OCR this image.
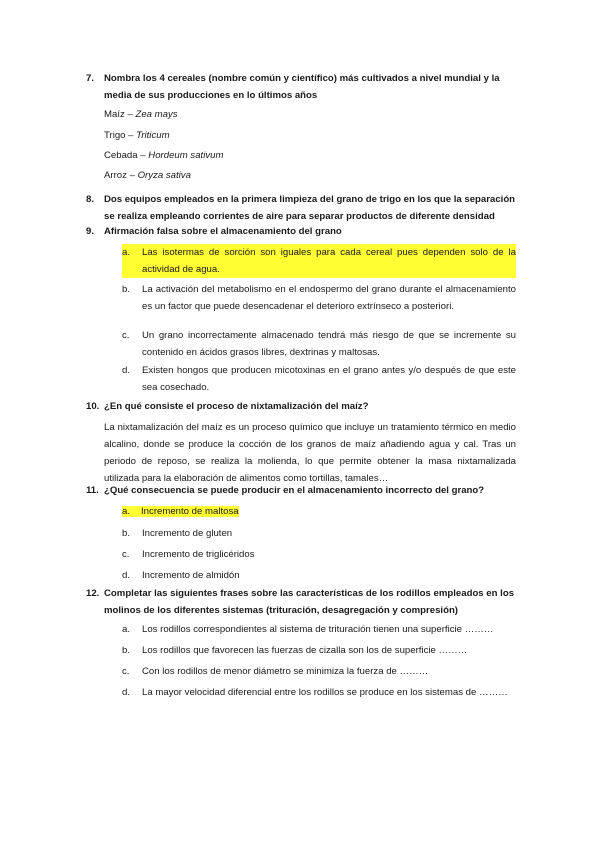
7. Nombra los 4 cereales (nombre común y científico) más cultivados a nivel mundial y la media de sus producciones en lo últimos años
Maíz – Zea mays
Trigo – Triticum
Cebada – Hordeum sativum
Arroz – Oryza sativa
8. Dos equipos empleados en la primera limpieza del grano de trigo en los que la separación se realiza empleando corrientes de aire para separar productos de diferente densidad
9. Afirmación falsa sobre el almacenamiento del grano
a. Las isotermas de sorción son iguales para cada cereal pues dependen solo de la actividad de agua.
b. La activación del metabolismo en el endospermo del grano durante el almacenamiento es un factor que puede desencadenar el deterioro extrínseco a posteriori.
c. Un grano incorrectamente almacenado tendrá más riesgo de que se incremente su contenido en ácidos grasos libres, dextrinas y maltosas.
d. Existen hongos que producen micotoxinas en el grano antes y/o después de que este sea cosechado.
10. ¿En qué consiste el proceso de nixtamalización del maíz?
La nixtamalización del maíz es un proceso químico que incluye un tratamiento térmico en medio alcalino, donde se produce la cocción de los granos de maíz añadiendo agua y cal. Tras un periodo de reposo, se realiza la molienda, lo que permite obtener la masa nixtamalizada utilizada para la elaboración de alimentos como tortillas, tamales…
11. ¿Qué consecuencia se puede producir en el almacenamiento incorrecto del grano?
a. Incremento de maltosa
b. Incremento de gluten
c. Incremento de triglicéridos
d. Incremento de almidón
12. Completar las siguientes frases sobre las características de los rodillos empleados en los molinos de los diferentes sistemas (trituración, desagregación y compresión)
a. Los rodillos correspondientes al sistema de trituración tienen una superficie ………
b. Los rodillos que favorecen las fuerzas de cizalla son los de superficie ………
c. Con los rodillos de menor diámetro se minimiza la fuerza de ………
d. La mayor velocidad diferencial entre los rodillos se produce en los sistemas de ………
